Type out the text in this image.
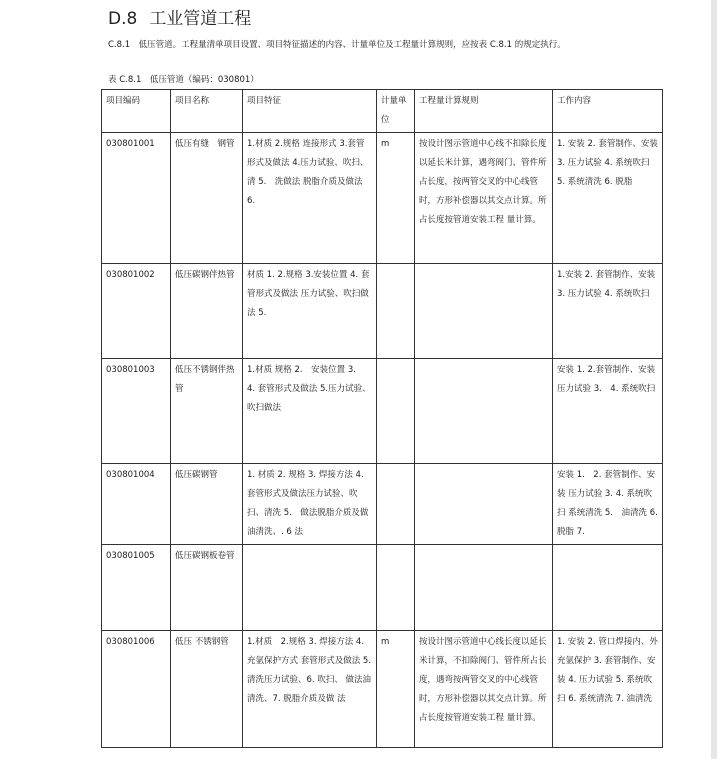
D.8 工业管道工程
C.8.1　低压管道。工程量清单项目设置、项目特征描述的内容、计量单位及工程量计算规则，应按表 C.8.1 的规定执行。
表 C.8.1　低压管道（编码：030801）
项目编码	项目名称	项目特征	计量单位	工程量计算规则	工作内容
030801001	低压有缝　钢管	1.材质 2.规格 连接形式 3.套管形式及做法 4.压力试验、吹扫、清 5.　洗做法 脱脂介质及做法 6.	m	按设计图示管道中心线不扣除长度以延长米计算，遇弯阀门、管件所占长度，按两管交叉的中心线管时，方形补偿器以其交点计算。所占长度按管道安装工程 量计算。	1. 安装 2. 套管制作、安装 3. 压力试验 4. 系统吹扫 5. 系统清洗 6. 脱脂
030801002	低压碳钢伴热管	材质 1. 2.规格 3.安装位置 4. 套管形式及做法 压力试验、吹扫做法 5.			1.安装 2. 套管制作、安装 3. 压力试验 4. 系统吹扫
030801003	低压不锈钢伴热管	1.材质 规格 2.　安装位置 3.　4. 套管形式及做法 5.压力试验、吹扫做法			安装 1. 2.套管制作、安装 压力试验 3.　4. 系统吹扫
030801004	低压碳钢管	1. 材质 2. 规格 3. 焊接方法 4. 套管形式及做法压力试验、吹扫、清洗 5.　做法脱脂介质及做油清洗、. 6 法			安装 1.　2. 套管制作、安装 压力试验 3. 4. 系统吹扫 系统清洗 5.　油清洗 6.　脱脂 7.
030801005	低压碳钢板卷管				
030801006	低压 不锈钢管	1.材质　2.规格 3. 焊接方法 4. 充氩保护方式 套管形式及做法 5.　清洗压力试验、6. 吹扫、 做法油清洗、7. 脱脂介质及做 法	m	按设计图示管道中心线长度以延长米计算，不扣除阀门、管件所占长度，遇弯按两管交叉的中心线管时，方形补偿器以其交点计算。所占长度按管道安装工程 量计算。	1. 安装 2. 管口焊接内、外充氩保护 3. 套管制作、安装 4. 压力试验 5. 系统吹扫 6. 系统清洗 7. 油清洗
